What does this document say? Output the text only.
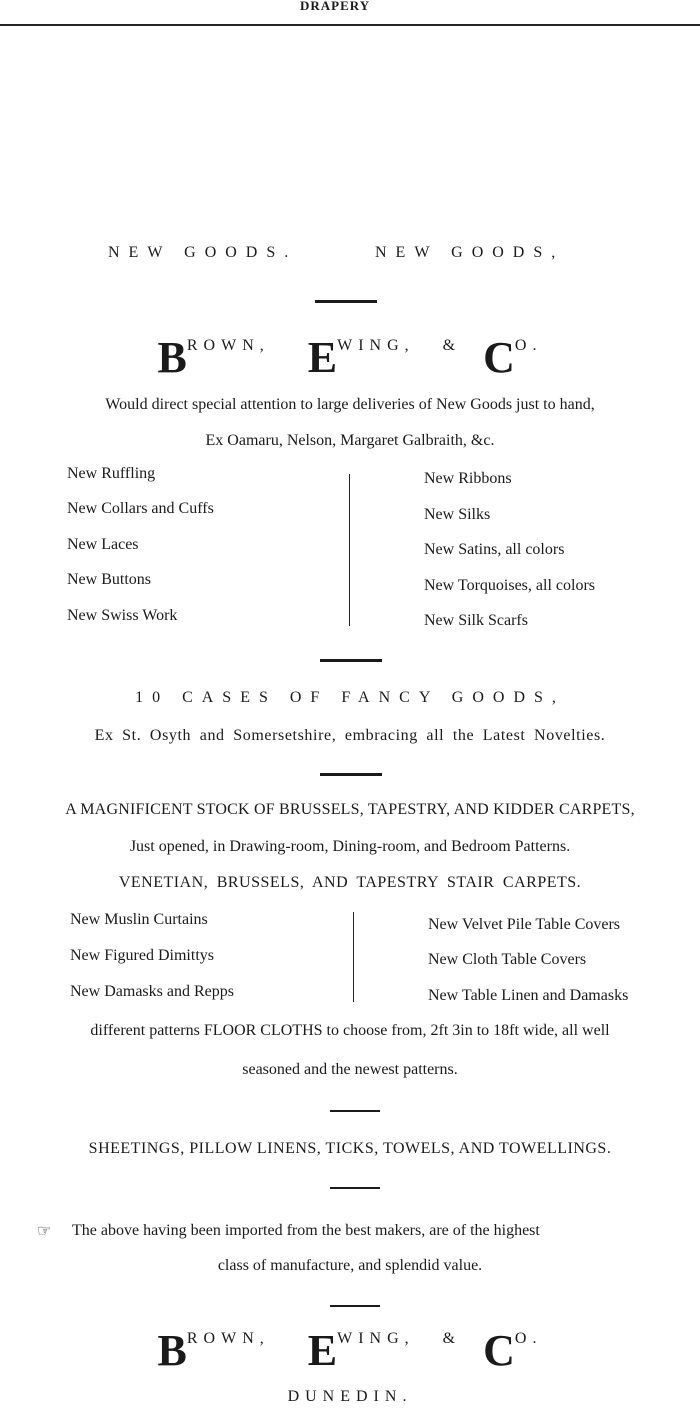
DRAPERY
NEW GOODS.	NEW GOODS,
BROWN, EWING, & CO.
Would direct special attention to large deliveries of New Goods just to hand,
Ex Oamaru, Nelson, Margaret Galbraith, &c.
New Ruffling
New Collars and Cuffs
New Laces
New Buttons
New Swiss Work
New Ribbons
New Silks
New Satins, all colors
New Torquoises, all colors
New Silk Scarfs
10 CASES OF FANCY GOODS,
Ex St. Osyth and Somersetshire, embracing all the Latest Novelties.
A MAGNIFICENT STOCK OF BRUSSELS, TAPESTRY, AND KIDDER CARPETS,
Just opened, in Drawing-room, Dining-room, and Bedroom Patterns.
VENETIAN, BRUSSELS, AND TAPESTRY STAIR CARPETS.
New Muslin Curtains
New Figured Dimittys
New Damasks and Repps
New Velvet Pile Table Covers
New Cloth Table Covers
New Table Linen and Damasks
different patterns FLOOR CLOTHS to choose from, 2ft 3in to 18ft wide, all well
seasoned and the newest patterns.
SHEETINGS, PILLOW LINENS, TICKS, TOWELS, AND TOWELLINGS.
☞ The above having been imported from the best makers, are of the highest
class of manufacture, and splendid value.
BROWN, EWING, & CO.
DUNEDIN.
